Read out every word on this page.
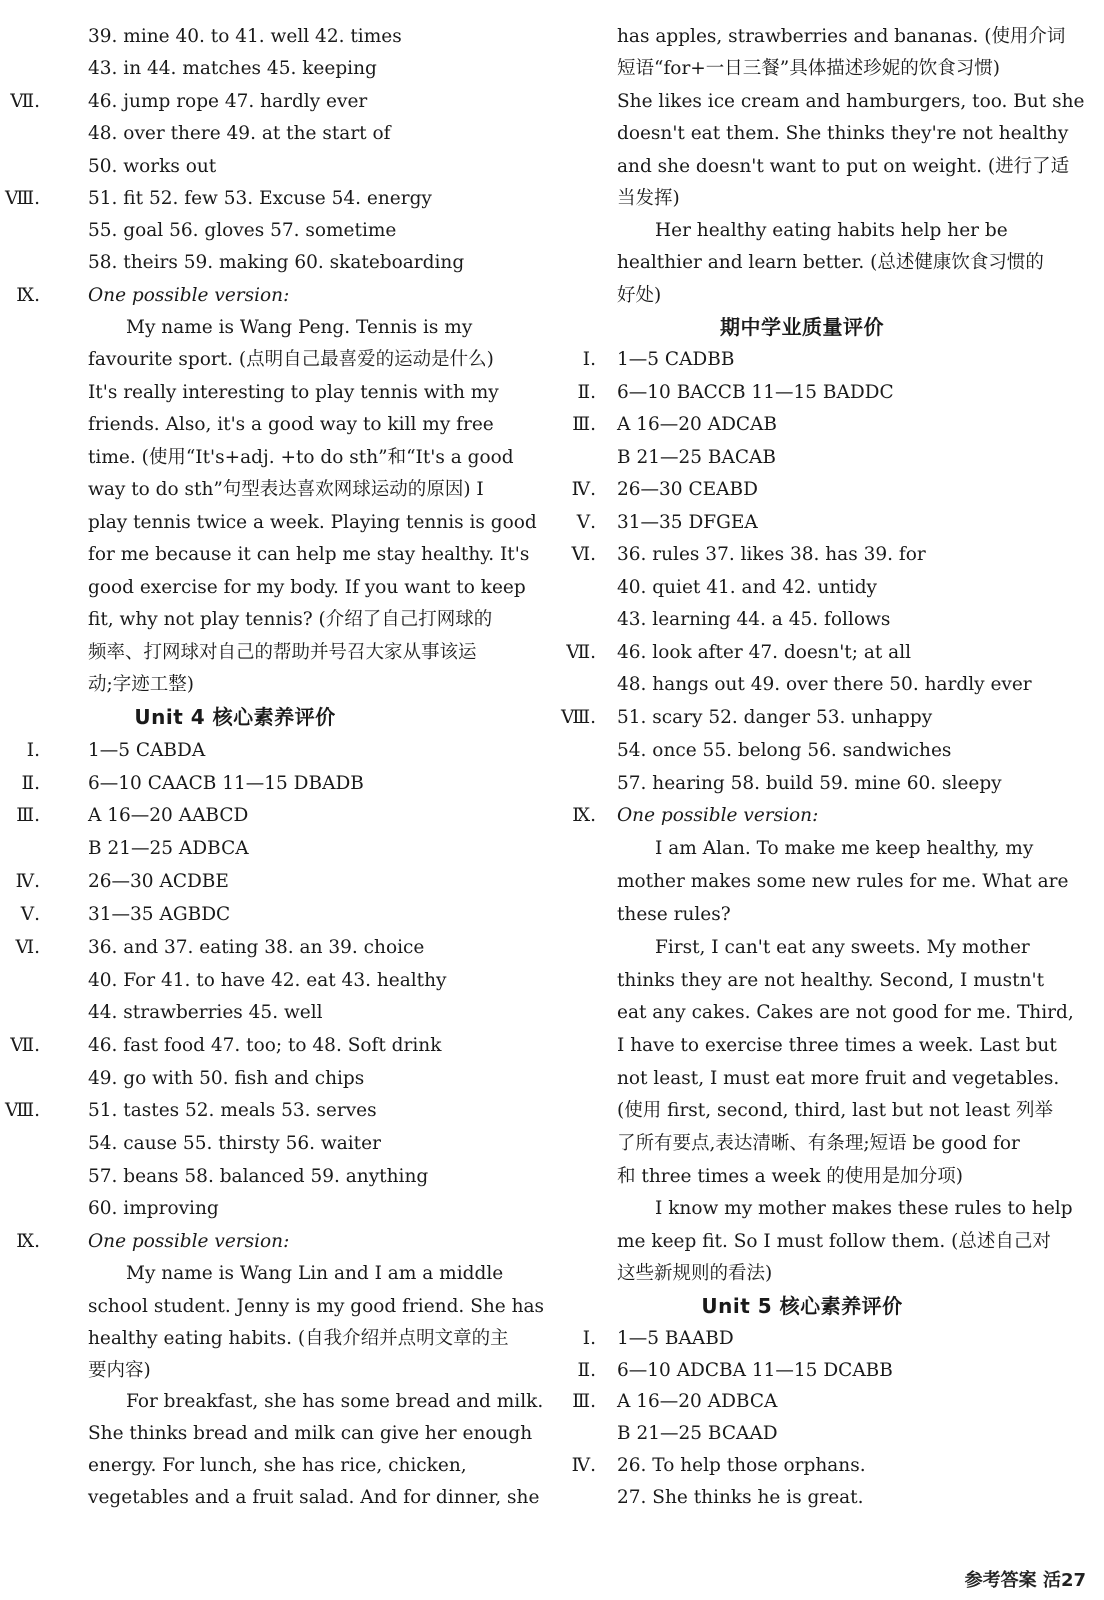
39. mine 40. to 41. well 42. times
43. in 44. matches 45. keeping
Ⅶ.	46. jump rope 47. hardly ever
48. over there 49. at the start of
50. works out
Ⅷ.	51. fit 52. few 53. Excuse 54. energy
55. goal 56. gloves 57. sometime
58. theirs 59. making 60. skateboarding
Ⅸ.	One possible version:
My name is Wang Peng. Tennis is my
favourite sport. (点明自己最喜爱的运动是什么)
It's really interesting to play tennis with my
friends. Also, it's a good way to kill my free
time. (使用“It's+adj. +to do sth”和“It's a good
way to do sth”句型表达喜欢网球运动的原因) I
play tennis twice a week. Playing tennis is good
for me because it can help me stay healthy. It's
good exercise for my body. If you want to keep
fit, why not play tennis? (介绍了自己打网球的
频率、打网球对自己的帮助并号召大家从事该运
动;字迹工整)
Unit 4 核心素养评价
Ⅰ.	1—5 CABDA
Ⅱ.	6—10 CAACB 11—15 DBADB
Ⅲ.	A 16—20 AABCD
B 21—25 ADBCA
Ⅳ.	26—30 ACDBE
Ⅴ.	31—35 AGBDC
Ⅵ.	36. and 37. eating 38. an 39. choice
40. For 41. to have 42. eat 43. healthy
44. strawberries 45. well
Ⅶ.	46. fast food 47. too; to 48. Soft drink
49. go with 50. fish and chips
Ⅷ.	51. tastes 52. meals 53. serves
54. cause 55. thirsty 56. waiter
57. beans 58. balanced 59. anything
60. improving
Ⅸ.	One possible version:
My name is Wang Lin and I am a middle
school student. Jenny is my good friend. She has
healthy eating habits. (自我介绍并点明文章的主
要内容)
For breakfast, she has some bread and milk.
She thinks bread and milk can give her enough
energy. For lunch, she has rice, chicken,
vegetables and a fruit salad. And for dinner, she
has apples, strawberries and bananas. (使用介词
短语“for+一日三餐”具体描述珍妮的饮食习惯)
She likes ice cream and hamburgers, too. But she
doesn't eat them. She thinks they're not healthy
and she doesn't want to put on weight. (进行了适
当发挥)
Her healthy eating habits help her be
healthier and learn better. (总述健康饮食习惯的
好处)
期中学业质量评价
Ⅰ. 1—5 CADBB
Ⅱ. 6—10 BACCB 11—15 BADDC
Ⅲ. A 16—20 ADCAB
B 21—25 BACAB
Ⅳ. 26—30 CEABD
Ⅴ. 31—35 DFGEA
Ⅵ. 36. rules 37. likes 38. has 39. for
40. quiet 41. and 42. untidy
43. learning 44. a 45. follows
Ⅶ. 46. look after 47. doesn't; at all
48. hangs out 49. over there 50. hardly ever
Ⅷ. 51. scary 52. danger 53. unhappy
54. once 55. belong 56. sandwiches
57. hearing 58. build 59. mine 60. sleepy
Ⅸ. One possible version:
I am Alan. To make me keep healthy, my
mother makes some new rules for me. What are
these rules?
First, I can't eat any sweets. My mother
thinks they are not healthy. Second, I mustn't
eat any cakes. Cakes are not good for me. Third,
I have to exercise three times a week. Last but
not least, I must eat more fruit and vegetables.
(使用 first, second, third, last but not least 列举
了所有要点,表达清晰、有条理;短语 be good for
和 three times a week 的使用是加分项)
I know my mother makes these rules to help
me keep fit. So I must follow them. (总述自己对
这些新规则的看法)
Unit 5 核心素养评价
Ⅰ. 1—5 BAABD
Ⅱ. 6—10 ADCBA 11—15 DCABB
Ⅲ. A 16—20 ADBCA
B 21—25 BCAAD
Ⅳ. 26. To help those orphans.
27. She thinks he is great.
参考答案 活27
